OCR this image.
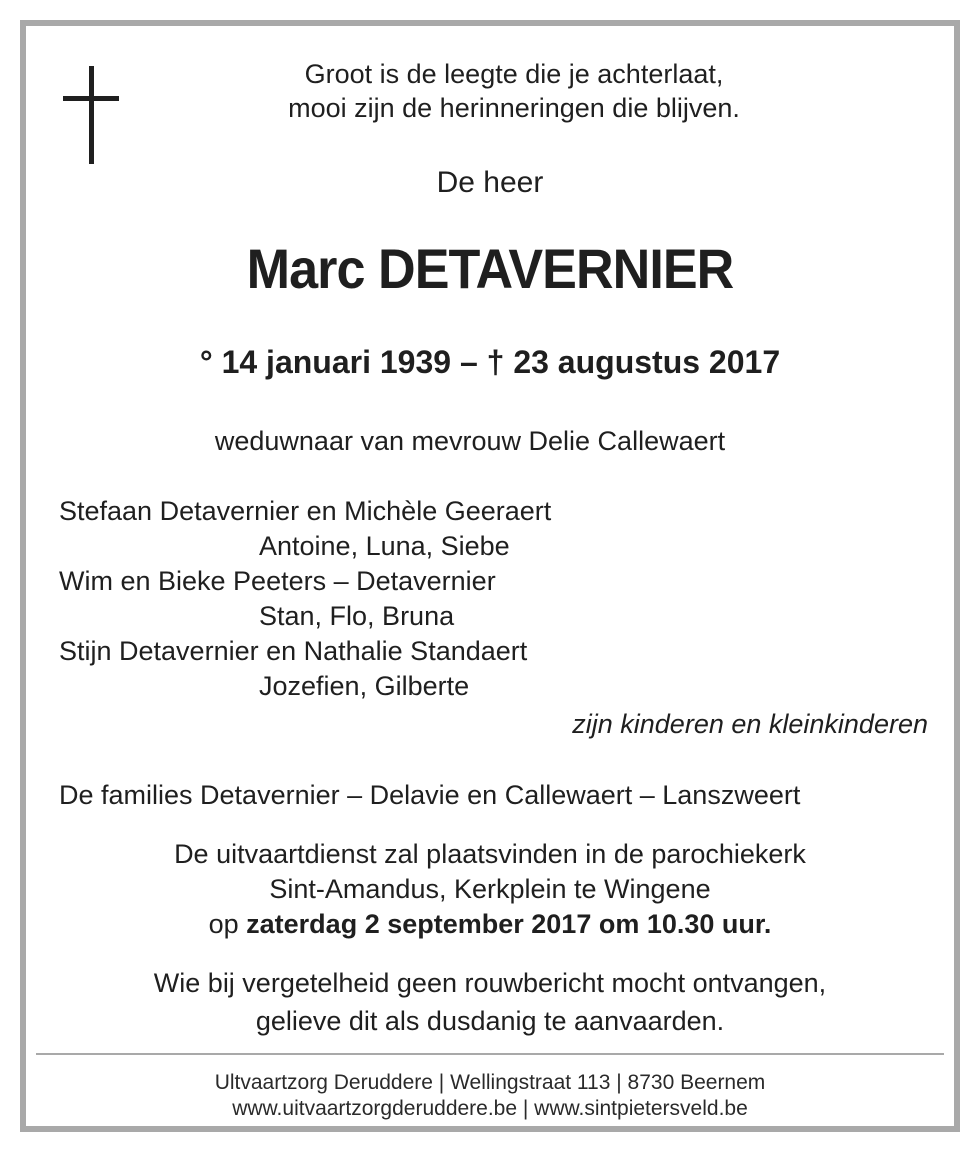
Groot is de leegte die je achterlaat,
mooi zijn de herinneringen die blijven.
De heer
Marc DETAVERNIER
° 14 januari 1939 – † 23 augustus 2017
weduwnaar van mevrouw Delie Callewaert
Stefaan Detavernier en Michèle Geeraert
Antoine, Luna, Siebe
Wim en Bieke Peeters – Detavernier
Stan, Flo, Bruna
Stijn Detavernier en Nathalie Standaert
Jozefien, Gilberte
zijn kinderen en kleinkinderen
De families Detavernier – Delavie en Callewaert – Lanszweert
De uitvaartdienst zal plaatsvinden in de parochiekerk
Sint-Amandus, Kerkplein te Wingene
op zaterdag 2 september 2017 om 10.30 uur.
Wie bij vergetelheid geen rouwbericht mocht ontvangen,
gelieve dit als dusdanig te aanvaarden.
Ultvaartzorg Deruddere | Wellingstraat 113 | 8730 Beernem
www.uitvaartzorgderuddere.be | www.sintpietersveld.be
